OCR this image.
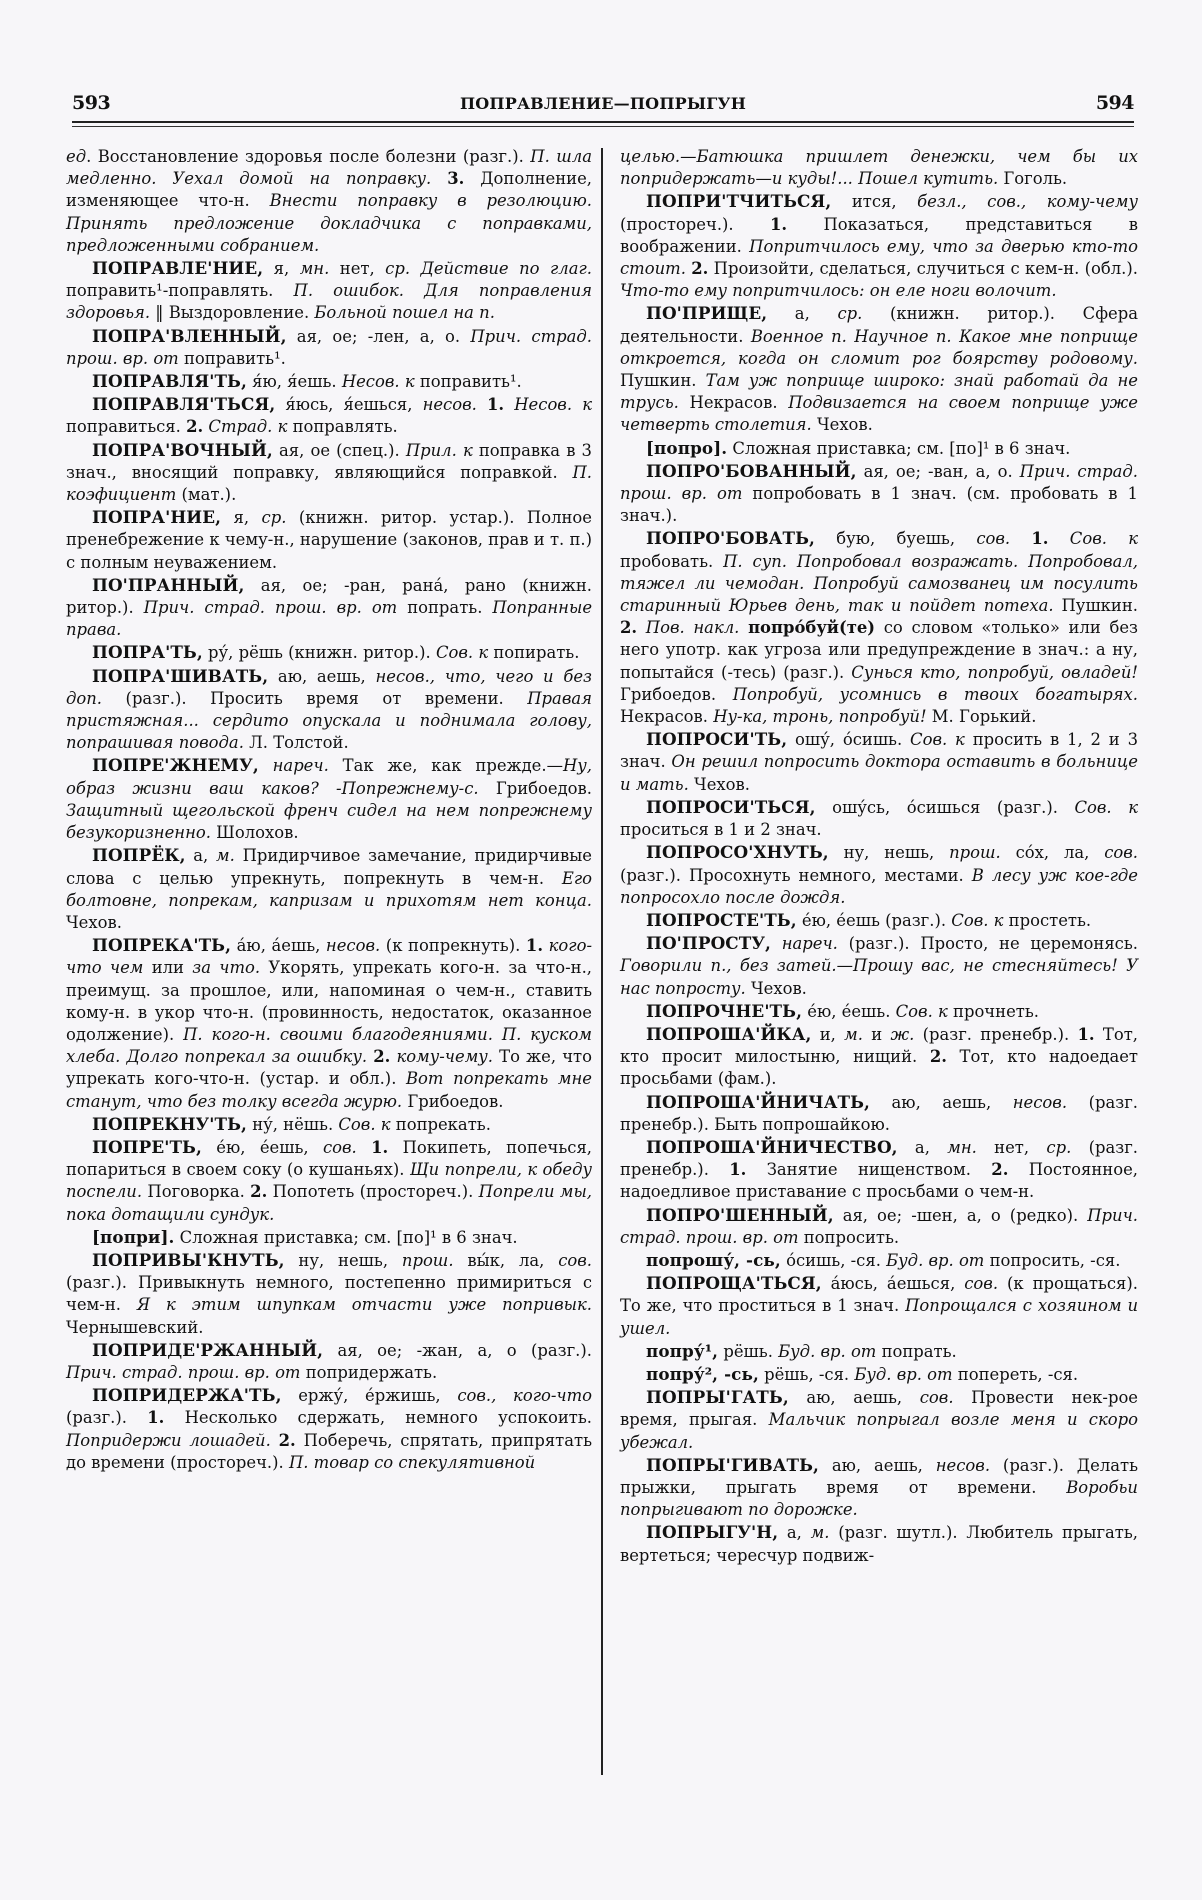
593	ПОПРАВЛЕНИЕ—ПОПРЫГУН	594

ед. Восстановление здоровья после болезни (разг.). П. шла медленно. Уехал домой на поправку. 3. Дополнение, изменяющее что-н. Внести поправку в резолюцию. Принять предложение докладчика с поправками, предложенными собранием.

ПОПРАВЛЕ'НИЕ, я, мн. нет, ср. Действие по глаг. поправить¹-поправлять. П. ошибок. Для поправления здоровья. ‖ Выздоровление. Больной пошел на п.

ПОПРА'ВЛЕННЫЙ, ая, ое; -лен, а, о. Прич. страд. прош. вр. от поправить¹.

ПОПРАВЛЯ'ТЬ, я́ю, я́ешь. Несов. к поправить¹.

ПОПРАВЛЯ'ТЬСЯ, я́юсь, я́ешься, несов. 1. Несов. к поправиться. 2. Страд. к поправлять.

ПОПРА'ВОЧНЫЙ, ая, ое (спец.). Прил. к поправка в 3 знач., вносящий поправку, являющийся поправкой. П. коэфициент (мат.).

ПОПРА'НИЕ, я, ср. (книжн. ритор. устар.). Полное пренебрежение к чему-н., нарушение (законов, прав и т. п.) с полным неуважением.

ПО'ПРАННЫЙ, ая, ое; -ран, рана́, рано (книжн. ритор.). Прич. страд. прош. вр. от попрать. Попранные права.

ПОПРА'ТЬ, ру́, рёшь (книжн. ритор.). Сов. к попирать.

ПОПРА'ШИВАТЬ, аю, аешь, несов., что, чего и без доп. (разг.). Просить время от времени. Правая пристяжная... сердито опускала и поднимала голову, попрашивая повода. Л. Толстой.

ПОПРЕ'ЖНЕМУ, нареч. Так же, как прежде.—Ну, образ жизни ваш каков? -Попрежнему-с. Грибоедов. Защитный щегольской френч сидел на нем попрежнему безукоризненно. Шолохов.

ПОПРЁК, а, м. Придирчивое замечание, придирчивые слова с целью упрекнуть, попрекнуть в чем-н. Его болтовне, попрекам, капризам и прихотям нет конца. Чехов.

ПОПРЕКА'ТЬ, а́ю, а́ешь, несов. (к попрекнуть). 1. кого-что чем или за что. Укорять, упрекать кого-н. за что-н., преимущ. за прошлое, или, напоминая о чем-н., ставить кому-н. в укор что-н. (провинность, недостаток, оказанное одолжение). П. кого-н. своими благодеяниями. П. куском хлеба. Долго попрекал за ошибку. 2. кому-чему. То же, что упрекать кого-что-н. (устар. и обл.). Вот попрекать мне станут, что без толку всегда журю. Грибоедов.

ПОПРЕКНУ'ТЬ, ну́, нёшь. Сов. к попрекать.

ПОПРЕ'ТЬ, е́ю, е́ешь, сов. 1. Покипеть, попечься, попариться в своем соку (о кушаньях). Щи попрели, к обеду поспели. Поговорка. 2. Попотеть (простореч.). Попрели мы, пока дотащили сундук.

[попри]. Сложная приставка; см. [по]¹ в 6 знач.

ПОПРИВЫ'КНУТЬ, ну, нешь, прош. вы́к, ла, сов. (разг.). Привыкнуть немного, постепенно примириться с чем-н. Я к этим шпупкам отчасти уже попривык. Чернышевский.

ПОПРИДЕ'РЖАННЫЙ, ая, ое; -жан, а, о (разг.). Прич. страд. прош. вр. от попридержать.

ПОПРИДЕРЖА'ТЬ, ержу́, е́ржишь, сов., кого-что (разг.). 1. Несколько сдержать, немного успокоить. Попридержи лошадей. 2. Поберечь, спрятать, припрятать до времени (простореч.). П. товар со спекулятивной

целью.—Батюшка пришлет денежки, чем бы их попридержать—и куды!... Пошел кутить. Гоголь.

ПОПРИ'ТЧИТЬСЯ, ится, безл., сов., кому-чему (простореч.). 1. Показаться, представиться в воображении. Попритчилось ему, что за дверью кто-то стоит. 2. Произойти, сделаться, случиться с кем-н. (обл.). Что-то ему попритчилось: он еле ноги волочит.

ПО'ПРИЩЕ, а, ср. (книжн. ритор.). Сфера деятельности. Военное п. Научное п. Какое мне поприще откроется, когда он сломит рог боярству родовому. Пушкин. Там уж поприще широко: знай работай да не трусь. Некрасов. Подвизается на своем поприще уже четверть столетия. Чехов.

[попро]. Сложная приставка; см. [по]¹ в 6 знач.

ПОПРО'БОВАННЫЙ, ая, ое; -ван, а, о. Прич. страд. прош. вр. от попробовать в 1 знач. (см. пробовать в 1 знач.).

ПОПРО'БОВАТЬ, бую, буешь, сов. 1. Сов. к пробовать. П. суп. Попробовал возражать. Попробовал, тяжел ли чемодан. Попробуй самозванец им посулить старинный Юрьев день, так и пойдет потеха. Пушкин. 2. Пов. накл. попро́буй(те) со словом «только» или без него употр. как угроза или предупреждение в знач.: а ну, попытайся (-тесь) (разг.). Сунься кто, попробуй, овладей! Грибоедов. Попробуй, усомнись в твоих богатырях. Некрасов. Ну-ка, тронь, попробуй! М. Горький.

ПОПРОСИ'ТЬ, ошу́, о́сишь. Сов. к просить в 1, 2 и 3 знач. Он решил попросить доктора оставить в больнице и мать. Чехов.

ПОПРОСИ'ТЬСЯ, ошу́сь, о́сишься (разг.). Сов. к проситься в 1 и 2 знач.

ПОПРОСО'ХНУТЬ, ну, нешь, прош. со́х, ла, сов. (разг.). Просохнуть немного, местами. В лесу уж кое-где попросохло после дождя.

ПОПРОСТЕ'ТЬ, е́ю, е́ешь (разг.). Сов. к простеть.

ПО'ПРОСТУ, нареч. (разг.). Просто, не церемонясь. Говорили п., без затей.—Прошу вас, не стесняйтесь! У нас попросту. Чехов.

ПОПРОЧНЕ'ТЬ, е́ю, е́ешь. Сов. к прочнеть.

ПОПРОША'ЙКА, и, м. и ж. (разг. пренебр.). 1. Тот, кто просит милостыню, нищий. 2. Тот, кто надоедает просьбами (фам.).

ПОПРОША'ЙНИЧАТЬ, аю, аешь, несов. (разг. пренебр.). Быть попрошайкою.

ПОПРОША'ЙНИЧЕСТВО, а, мн. нет, ср. (разг. пренебр.). 1. Занятие нищенством. 2. Постоянное, надоедливое приставание с просьбами о чем-н.

ПОПРО'ШЕННЫЙ, ая, ое; -шен, а, о (редко). Прич. страд. прош. вр. от попросить.

попрошу́, -сь, о́сишь, -ся. Буд. вр. от попросить, -ся.

ПОПРОЩА'ТЬСЯ, а́юсь, а́ешься, сов. (к прощаться). То же, что проститься в 1 знач. Попрощался с хозяином и ушел.

попру́¹, рёшь. Буд. вр. от попрать.

попру́², -сь, рёшь, -ся. Буд. вр. от попереть, -ся.

ПОПРЫ'ГАТЬ, аю, аешь, сов. Провести нек-рое время, прыгая. Мальчик попрыгал возле меня и скоро убежал.

ПОПРЫ'ГИВАТЬ, аю, аешь, несов. (разг.). Делать прыжки, прыгать время от времени. Воробьи попрыгивают по дорожке.

ПОПРЫГУ'Н, а, м. (разг. шутл.). Любитель прыгать, вертеться; чересчур подвиж-
